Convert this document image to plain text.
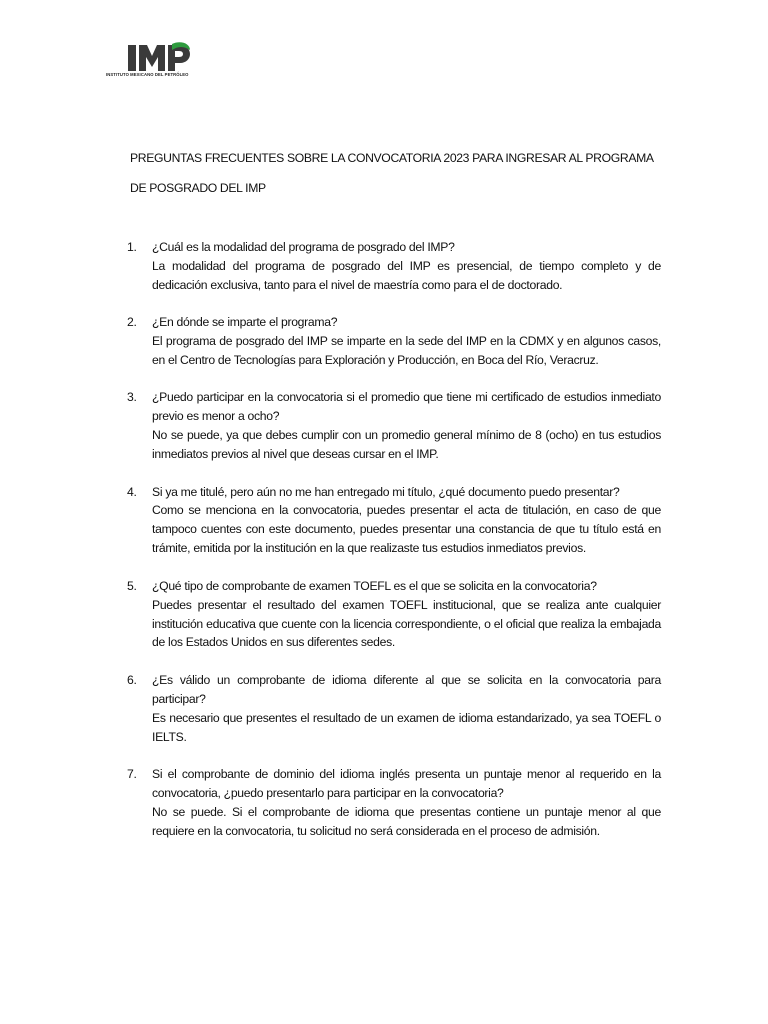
INSTITUTO MEXICANO DEL PETRÓLEO
PREGUNTAS FRECUENTES SOBRE LA CONVOCATORIA 2023 PARA INGRESAR AL PROGRAMA
DE POSGRADO DEL IMP
1. ¿Cuál es la modalidad del programa de posgrado del IMP?
La modalidad del programa de posgrado del IMP es presencial, de tiempo completo y de dedicación exclusiva, tanto para el nivel de maestría como para el de doctorado.
2. ¿En dónde se imparte el programa?
El programa de posgrado del IMP se imparte en la sede del IMP en la CDMX y en algunos casos, en el Centro de Tecnologías para Exploración y Producción, en Boca del Río, Veracruz.
3. ¿Puedo participar en la convocatoria si el promedio que tiene mi certificado de estudios inmediato previo es menor a ocho?
No se puede, ya que debes cumplir con un promedio general mínimo de 8 (ocho) en tus estudios inmediatos previos al nivel que deseas cursar en el IMP.
4. Si ya me titulé, pero aún no me han entregado mi título, ¿qué documento puedo presentar?
Como se menciona en la convocatoria, puedes presentar el acta de titulación, en caso de que tampoco cuentes con este documento, puedes presentar una constancia de que tu título está en trámite, emitida por la institución en la que realizaste tus estudios inmediatos previos.
5. ¿Qué tipo de comprobante de examen TOEFL es el que se solicita en la convocatoria?
Puedes presentar el resultado del examen TOEFL institucional, que se realiza ante cualquier institución educativa que cuente con la licencia correspondiente, o el oficial que realiza la embajada de los Estados Unidos en sus diferentes sedes.
6. ¿Es válido un comprobante de idioma diferente al que se solicita en la convocatoria para participar?
Es necesario que presentes el resultado de un examen de idioma estandarizado, ya sea TOEFL o IELTS.
7. Si el comprobante de dominio del idioma inglés presenta un puntaje menor al requerido en la convocatoria, ¿puedo presentarlo para participar en la convocatoria?
No se puede. Si el comprobante de idioma que presentas contiene un puntaje menor al que requiere en la convocatoria, tu solicitud no será considerada en el proceso de admisión.
